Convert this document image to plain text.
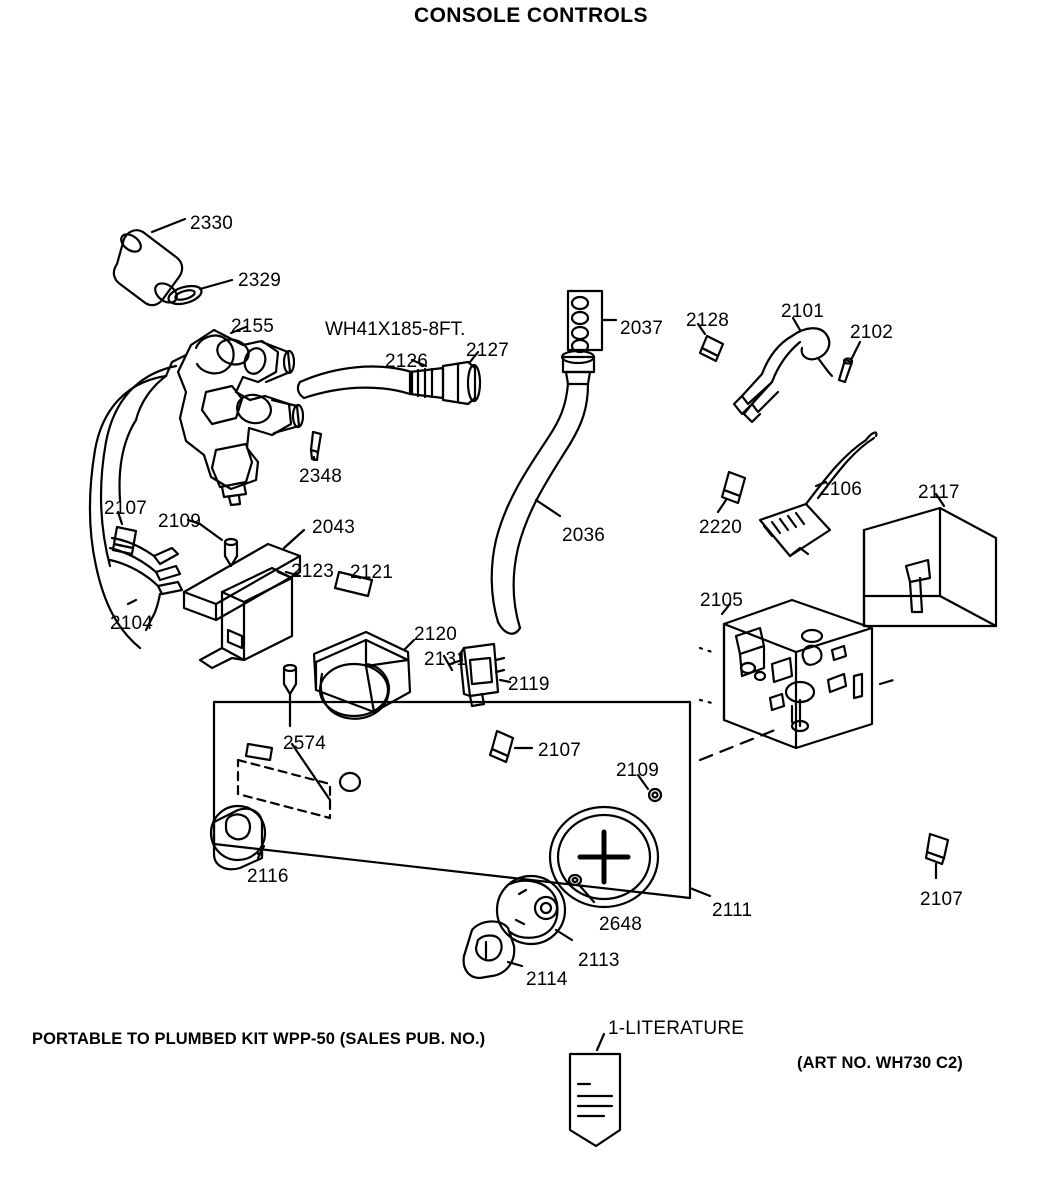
CONSOLE CONTROLS
WH41X185-8FT.
2330
2329
2155
2126
2127
2037 2128	2101
2102
2348
2036	2220
2106	2117
2107
2109	2043
2104
2123 2121
2105
2120
2131
2119
2574	2107
2109
2116
2648
2111
2113
2114
2107
1-LITERATURE
PORTABLE TO PLUMBED KIT WPP-50 (SALES PUB. NO.)
(ART NO. WH730 C2)
